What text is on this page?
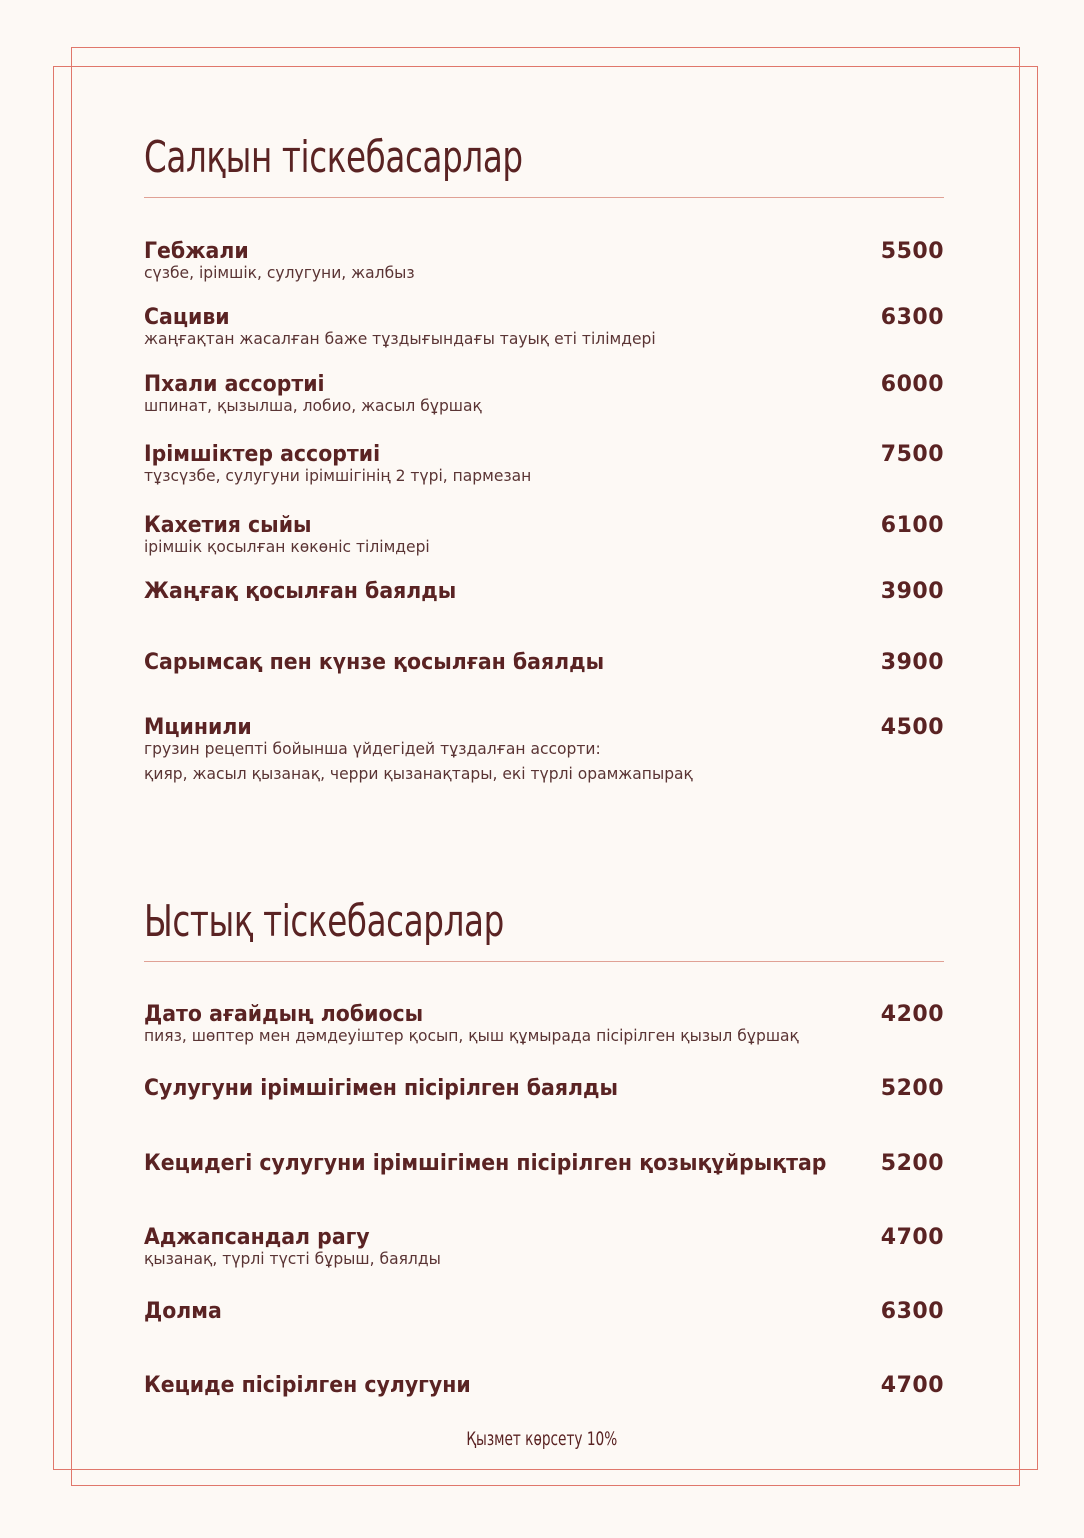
Салқын тіскебасарлар
Гебжали	5500
сүзбе, ірімшік, сулугуни, жалбыз
Сациви	6300
жаңғақтан жасалған баже тұздығындағы тауық еті тілімдері
Пхали ассортиі	6000
шпинат, қызылша, лобио, жасыл бұршақ
Ірімшіктер ассортиі	7500
тұзсүзбе, сулугуни ірімшігінің 2 түрі, пармезан
Кахетия сыйы	6100
ірімшік қосылған көкөніс тілімдері
Жаңғақ қосылған баялды	3900
Сарымсақ пен күнзе қосылған баялды	3900
Мцинили	4500
грузин рецепті бойынша үйдегідей тұздалған ассорти:
қияр, жасыл қызанақ, черри қызанақтары, екі түрлі орамжапырақ
Ыстық тіскебасарлар
Дато ағайдың лобиосы	4200
пияз, шөптер мен дәмдеуіштер қосып, қыш құмырада пісірілген қызыл бұршақ
Сулугуни ірімшігімен пісірілген баялды	5200
Кецидегі сулугуни ірімшігімен пісірілген қозықұйрықтар	5200
Аджапсандал рагу	4700
қызанақ, түрлі түсті бұрыш, баялды
Долма	6300
Кецидe пісірілген сулугуни	4700
Қызмет көрсету 10%
